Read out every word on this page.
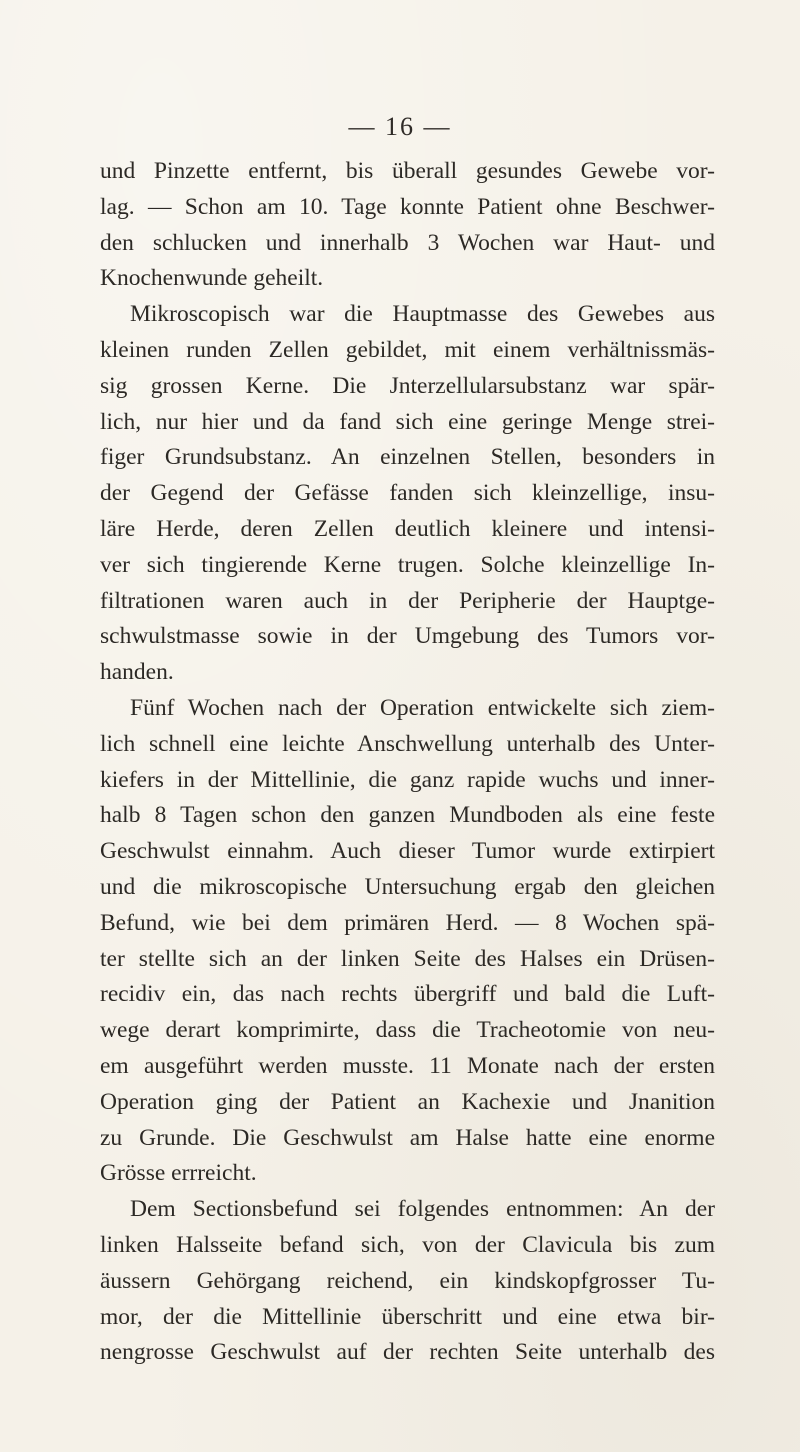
— 16 —
und Pinzette entfernt, bis überall gesundes Gewebe vor-
lag. — Schon am 10. Tage konnte Patient ohne Beschwer-
den schlucken und innerhalb 3 Wochen war Haut- und
Knochenwunde geheilt.
Mikroscopisch war die Hauptmasse des Gewebes aus
kleinen runden Zellen gebildet, mit einem verhältnissmäs-
sig grossen Kerne. Die Jnterzellularsubstanz war spär-
lich, nur hier und da fand sich eine geringe Menge strei-
figer Grundsubstanz. An einzelnen Stellen, besonders in
der Gegend der Gefässe fanden sich kleinzellige, insu-
läre Herde, deren Zellen deutlich kleinere und intensi-
ver sich tingierende Kerne trugen. Solche kleinzellige In-
filtrationen waren auch in der Peripherie der Hauptge-
schwulstmasse sowie in der Umgebung des Tumors vor-
handen.
Fünf Wochen nach der Operation entwickelte sich ziem-
lich schnell eine leichte Anschwellung unterhalb des Unter-
kiefers in der Mittellinie, die ganz rapide wuchs und inner-
halb 8 Tagen schon den ganzen Mundboden als eine feste
Geschwulst einnahm. Auch dieser Tumor wurde extirpiert
und die mikroscopische Untersuchung ergab den gleichen
Befund, wie bei dem primären Herd. — 8 Wochen spä-
ter stellte sich an der linken Seite des Halses ein Drüsen-
recidiv ein, das nach rechts übergriff und bald die Luft-
wege derart komprimirte, dass die Tracheotomie von neu-
em ausgeführt werden musste. 11 Monate nach der ersten
Operation ging der Patient an Kachexie und Jnanition
zu Grunde. Die Geschwulst am Halse hatte eine enorme
Grösse errreicht.
Dem Sectionsbefund sei folgendes entnommen: An der
linken Halsseite befand sich, von der Clavicula bis zum
äussern Gehörgang reichend, ein kindskopfgrosser Tu-
mor, der die Mittellinie überschritt und eine etwa bir-
nengrosse Geschwulst auf der rechten Seite unterhalb des
